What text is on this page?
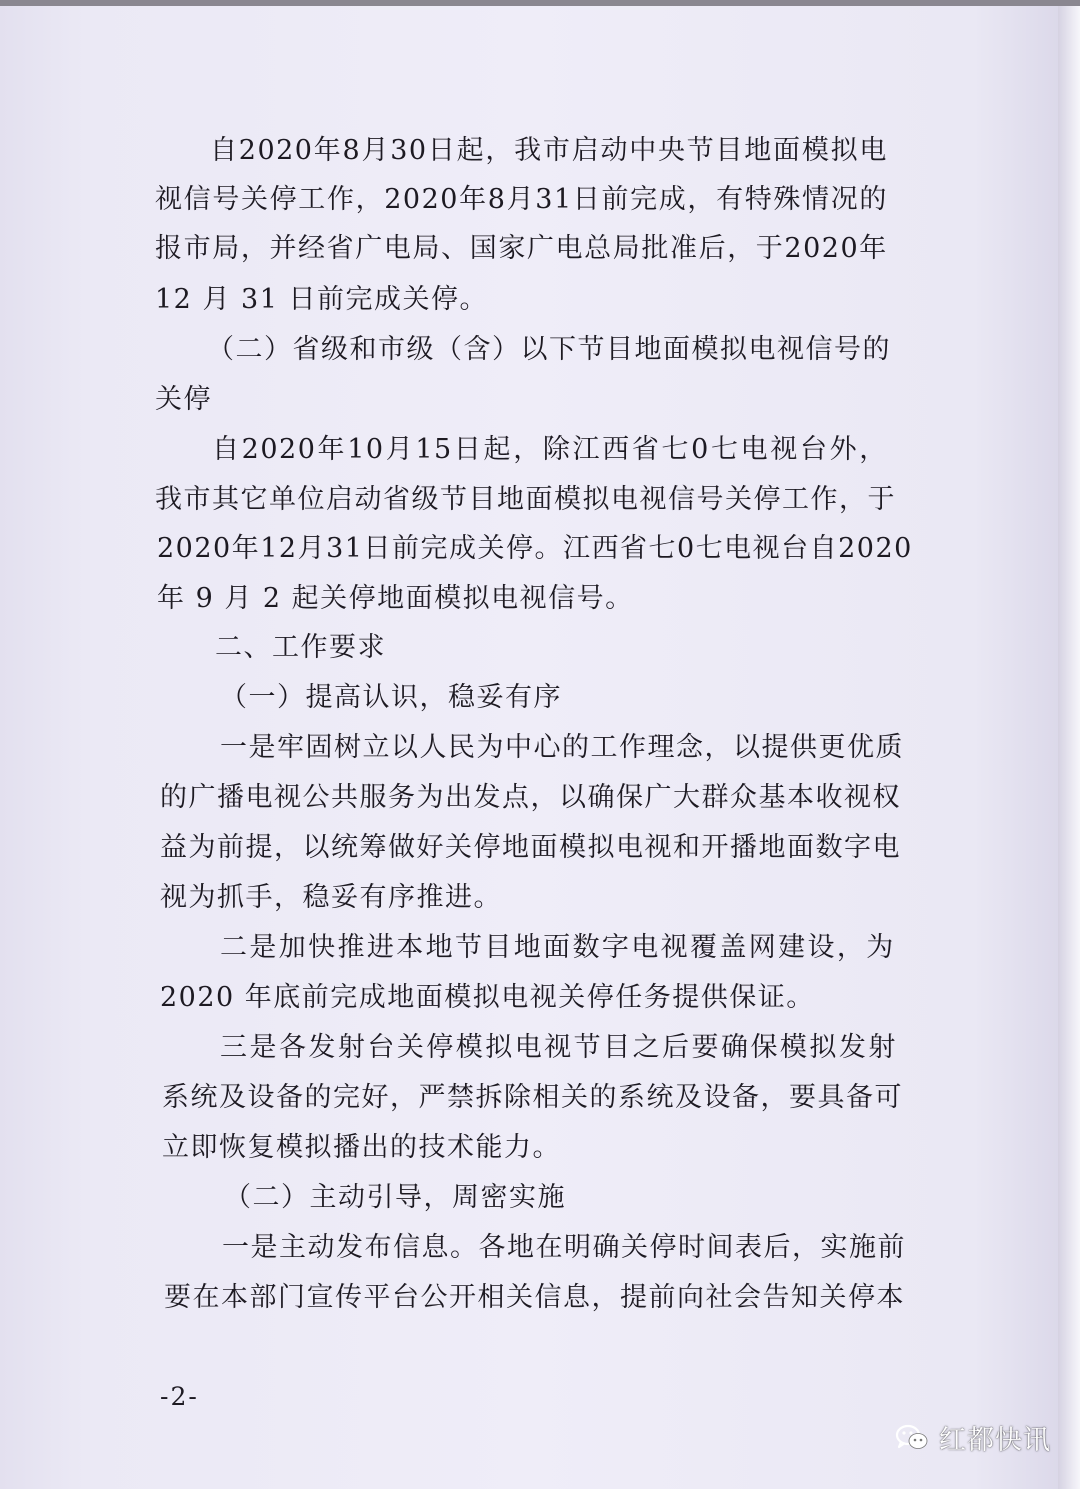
自 2020 年 8 月 30 日 起 ， 我 市 启 动 中 央 节 目 地 面 模 拟 电
视 信 号 关 停 工 作 ， 2020 年 8 月 31 日 前 完 成 ， 有 特 殊 情 况 的
报 市 局 ， 并 经 省 广 电 局 、 国 家 广 电 总 局 批 准 后 ， 于 2020 年
12 月 31 日前完成关停。
（ 二 ） 省 级 和 市 级 （ 含 ） 以 下 节 目 地 面 模 拟 电 视 信 号 的
关停
自 2020 年 10 月 15 日 起 ， 除 江 西 省 七 0 七 电 视 台 外 ，
我 市 其 它 单 位 启 动 省 级 节 目 地 面 模 拟 电 视 信 号 关 停 工 作 ， 于
2020 年 12 月 31 日 前 完 成 关 停 。 江 西 省 七 0 七 电 视 台 自 2020
年 9 月 2 起关停地面模拟电视信号。
二、工作要求
（一）提高认识，稳妥有序
一 是 牢 固 树 立 以 人 民 为 中 心 的 工 作 理 念 ， 以 提 供 更 优 质
的 广 播 电 视 公 共 服 务 为 出 发 点 ， 以 确 保 广 大 群 众 基 本 收 视 权
益 为 前 提 ， 以 统 筹 做 好 关 停 地 面 模 拟 电 视 和 开 播 地 面 数 字 电
视为抓手，稳妥有序推进。
二 是 加 快 推 进 本 地 节 目 地 面 数 字 电 视 覆 盖 网 建 设 ， 为
2020 年底前完成地面模拟电视关停任务提供保证。
三 是 各 发 射 台 关 停 模 拟 电 视 节 目 之 后 要 确 保 模 拟 发 射
系 统 及 设 备 的 完 好 ， 严 禁 拆 除 相 关 的 系 统 及 设 备 ， 要 具 备 可
立即恢复模拟播出的技术能力。
（二）主动引导，周密实施
一 是 主 动 发 布 信 息 。 各 地 在 明 确 关 停 时 间 表 后 ， 实 施 前
要 在 本 部 门 宣 传 平 台 公 开 相 关 信 息 ， 提 前 向 社 会 告 知 关 停 本
-2-
红都快讯
